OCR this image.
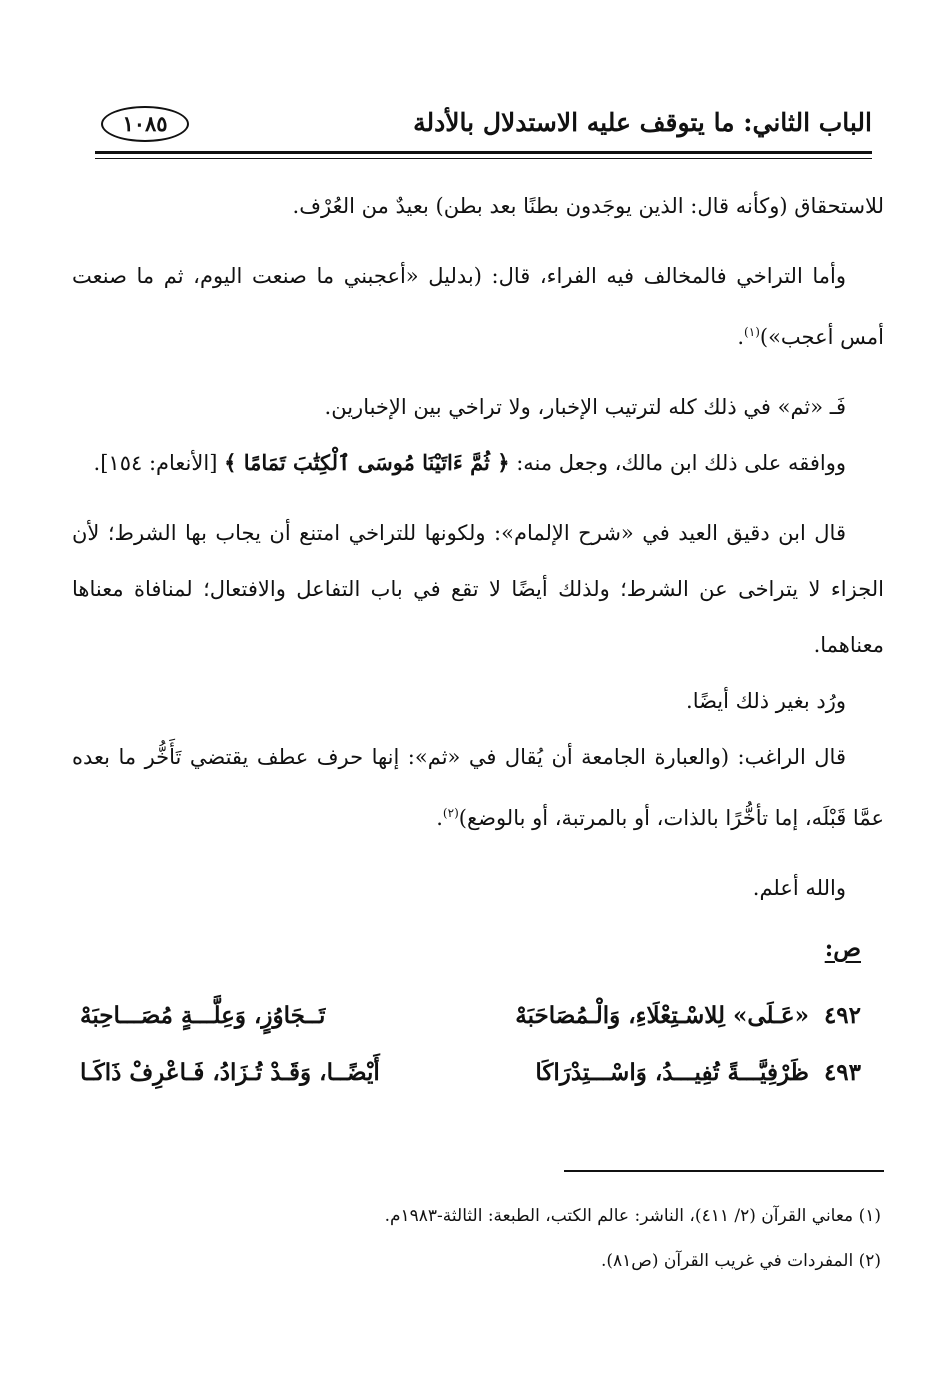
الباب الثاني: ما يتوقف عليه الاستدلال بالأدلة
١٠٨٥

للاستحقاق (وكأنه قال: الذين يوجَدون بطنًا بعد بطن) بعيدٌ من العُرْف.

وأما التراخي فالمخالف فيه الفراء، قال: (بدليل «أعجبني ما صنعت اليوم، ثم ما صنعت أمس أعجب»)$^{(١)}$.

فَـ «ثم» في ذلك كله لترتيب الإخبار، ولا تراخي بين الإخبارين.

ووافقه على ذلك ابن مالك، وجعل منه: ﴿ ثُمَّ ءَاتَيْنَا مُوسَى ٱلْكِتَٰبَ تَمَامًا ﴾ [الأنعام: ١٥٤].

قال ابن دقيق العيد في «شرح الإلمام»: ولكونها للتراخي امتنع أن يجاب بها الشرط؛ لأن الجزاء لا يتراخى عن الشرط؛ ولذلك أيضًا لا تقع في باب التفاعل والافتعال؛ لمنافاة معناها معناهما.

ورُد بغير ذلك أيضًا.

قال الراغب: (والعبارة الجامعة أن يُقال في «ثم»: إنها حرف عطف يقتضي تَأَخُّر ما بعده عمَّا قَبْلَه، إما تأخُّرًا بالذات، أو بالمرتبة، أو بالوضع)$^{(٢)}$.

والله أعلم.

ص:
٤٩٢
«عَـلَى» لِلاسْـتِعْلَاءِ، وَالْـمُصَاحَبَهْ
تَــجَاوُزٍ، وَعِلَّـــةٍ مُصَـــاحِبَهْ
٤٩٣
ظَرْفِيَّـــةً تُفِيـــدُ، وَاسْـــتِدْرَاكَا
أَيْضًــا، وَقَـدْ تُـزَادُ، فَـاعْرِفْ ذَاكَـا
(١) معاني القرآن (٢/ ٤١١)، الناشر: عالم الكتب، الطبعة: الثالثة-١٩٨٣م.
(٢) المفردات في غريب القرآن (ص٨١).
